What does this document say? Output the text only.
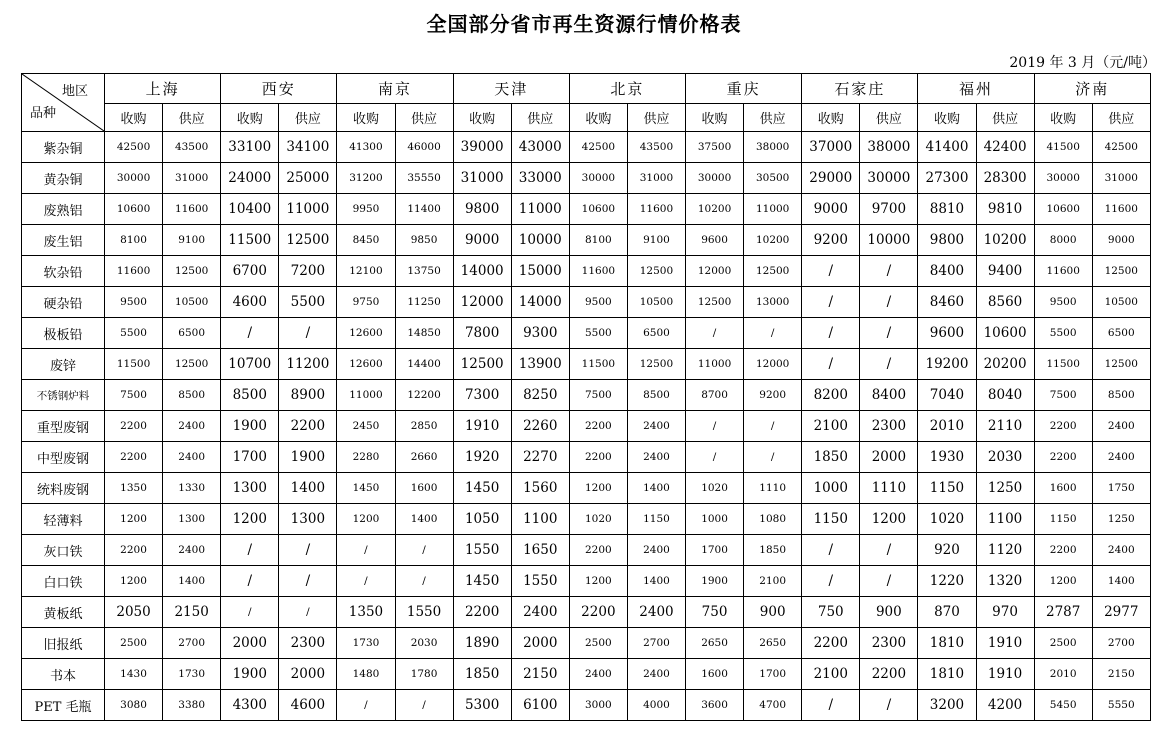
全国部分省市再生资源行情价格表
2019 年 3 月（元/吨）
地区
品种	上海		西安		南京		天津		北京		重庆		石家庄		福州		济南	
	收购	供应	收购	供应	收购	供应	收购	供应	收购	供应	收购	供应	收购	供应	收购	供应	收购	供应
紫杂铜	42500	43500	33100	34100	41300	46000	39000	43000	42500	43500	37500	38000	37000	38000	41400	42400	41500	42500
黄杂铜	30000	31000	24000	25000	31200	35550	31000	33000	30000	31000	30000	30500	29000	30000	27300	28300	30000	31000
废熟铝	10600	11600	10400	11000	9950	11400	9800	11000	10600	11600	10200	11000	9000	9700	8810	9810	10600	11600
废生铝	8100	9100	11500	12500	8450	9850	9000	10000	8100	9100	9600	10200	9200	10000	9800	10200	8000	9000
软杂铅	11600	12500	6700	7200	12100	13750	14000	15000	11600	12500	12000	12500	/	/	8400	9400	11600	12500
硬杂铅	9500	10500	4600	5500	9750	11250	12000	14000	9500	10500	12500	13000	/	/	8460	8560	9500	10500
极板铅	5500	6500	/	/	12600	14850	7800	9300	5500	6500	/	/	/	/	9600	10600	5500	6500
废锌	11500	12500	10700	11200	12600	14400	12500	13900	11500	12500	11000	12000	/	/	19200	20200	11500	12500
不锈钢炉料	7500	8500	8500	8900	11000	12200	7300	8250	7500	8500	8700	9200	8200	8400	7040	8040	7500	8500
重型废钢	2200	2400	1900	2200	2450	2850	1910	2260	2200	2400	/	/	2100	2300	2010	2110	2200	2400
中型废钢	2200	2400	1700	1900	2280	2660	1920	2270	2200	2400	/	/	1850	2000	1930	2030	2200	2400
统料废钢	1350	1330	1300	1400	1450	1600	1450	1560	1200	1400	1020	1110	1000	1110	1150	1250	1600	1750
轻薄料	1200	1300	1200	1300	1200	1400	1050	1100	1020	1150	1000	1080	1150	1200	1020	1100	1150	1250
灰口铁	2200	2400	/	/	/	/	1550	1650	2200	2400	1700	1850	/	/	920	1120	2200	2400
白口铁	1200	1400	/	/	/	/	1450	1550	1200	1400	1900	2100	/	/	1220	1320	1200	1400
黄板纸	2050	2150	/	/	1350	1550	2200	2400	2200	2400	750	900	750	900	870	970	2787	2977
旧报纸	2500	2700	2000	2300	1730	2030	1890	2000	2500	2700	2650	2650	2200	2300	1810	1910	2500	2700
书本	1430	1730	1900	2000	1480	1780	1850	2150	2400	2400	1600	1700	2100	2200	1810	1910	2010	2150
PET 毛瓶	3080	3380	4300	4600	/	/	5300	6100	3000	4000	3600	4700	/	/	3200	4200	5450	5550
